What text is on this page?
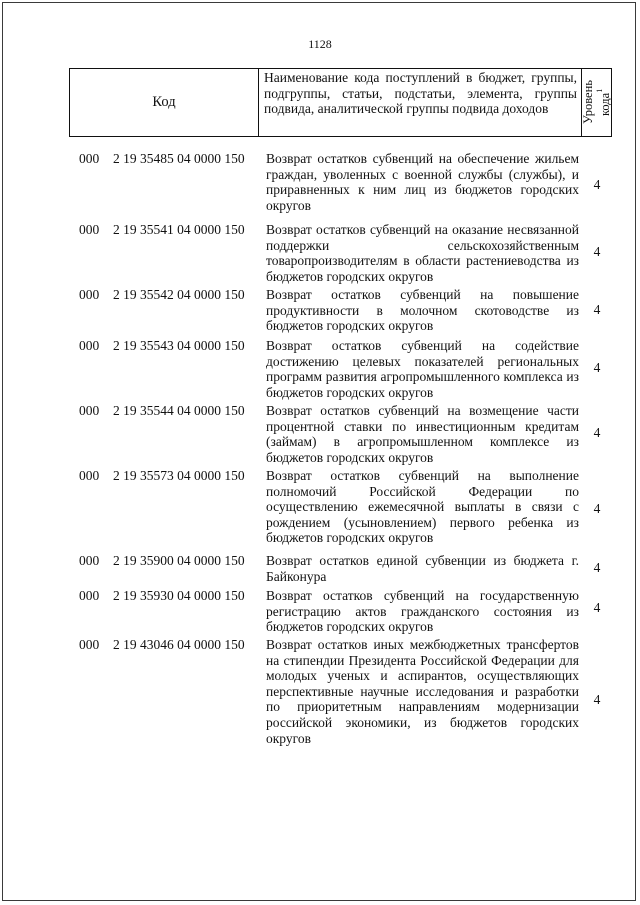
1128
Код
Наименование кода поступлений в бюджет, группы, подгруппы, статьи, подстатьи, элемента, группы подвида, аналитической группы подвида доходов	Уровень кода$^1$
000 2 19 35485 04 0000 150 Возврат остатков субвенций на обеспечение жильем граждан, уволенных с военной службы (службы), и приравненных к ним лиц из бюджетов городских округов
4
000 2 19 35541 04 0000 150 Возврат остатков субвенций на оказание несвязанной поддержки сельскохозяйственным товаропроизводителям в области растениеводства из бюджетов городских округов
4
000 2 19 35542 04 0000 150 Возврат остатков субвенций на повышение продуктивности в молочном скотоводстве из бюджетов городских округов
4
000 2 19 35543 04 0000 150 Возврат остатков субвенций на содействие достижению целевых показателей региональных программ развития агропромышленного комплекса из бюджетов городских округов
4
000 2 19 35544 04 0000 150 Возврат остатков субвенций на возмещение части процентной ставки по инвестиционным кредитам (займам) в агропромышленном комплексе из бюджетов городских округов
4
000 2 19 35573 04 0000 150 Возврат остатков субвенций на выполнение полномочий Российской Федерации по осуществлению ежемесячной выплаты в связи с рождением (усыновлением) первого ребенка из бюджетов городских округов
4
000 2 19 35900 04 0000 150 Возврат остатков единой субвенции из бюджета г. Байконура
4
000 2 19 35930 04 0000 150 Возврат остатков субвенций на государственную регистрацию актов гражданского состояния из бюджетов городских округов
4
000 2 19 43046 04 0000 150 Возврат остатков иных межбюджетных трансфертов на стипендии Президента Российской Федерации для молодых ученых и аспирантов, осуществляющих перспективные научные исследования и разработки по приоритетным направлениям модернизации российской экономики, из бюджетов городских округов
4
